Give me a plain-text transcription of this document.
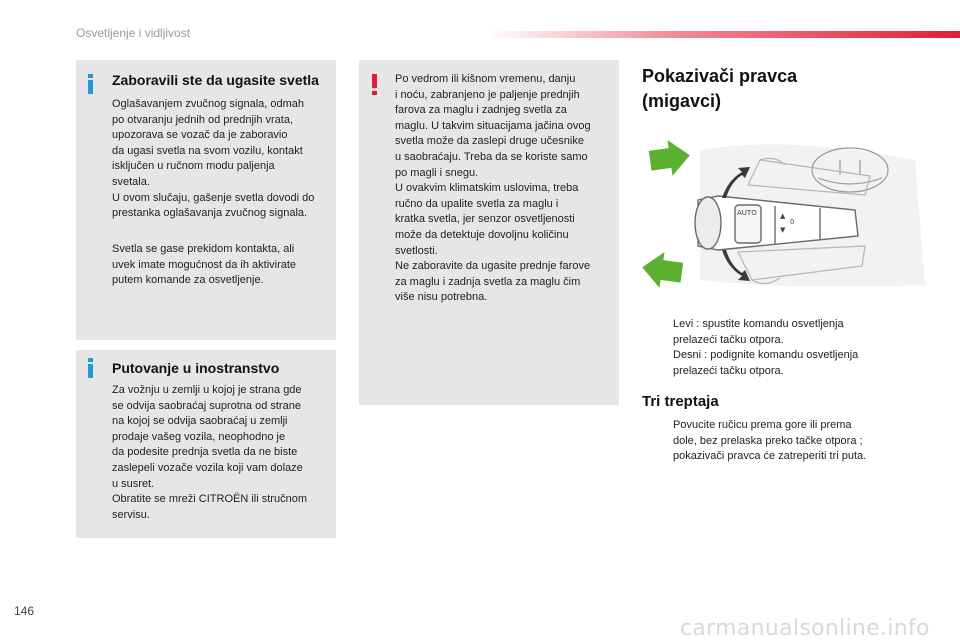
Osvetljenje i vidljivost
Zaboravili ste da ugasite svetla
Oglašavanjem zvučnog signala, odmah
po otvaranju jednih od prednjih vrata,
upozorava se vozač da je zaboravio
da ugasi svetla na svom vozilu, kontakt
isključen u ručnom modu paljenja
svetala.
U ovom slučaju, gašenje svetla dovodi do
prestanka oglašavanja zvučnog signala.
Svetla se gase prekidom kontakta, ali
uvek imate mogućnost da ih aktivirate
putem komande za osvetljenje.
Putovanje u inostranstvo
Za vožnju u zemlji u kojoj je strana gde
se odvija saobraćaj suprotna od strane
na kojoj se odvija saobraćaj u zemlji
prodaje vašeg vozila, neophodno je
da podesite prednja svetla da ne biste
zaslepeli vozače vozila koji vam dolaze
u susret.
Obratite se mreži CITROËN ili stručnom
servisu.
Po vedrom ili kišnom vremenu, danju
i noću, zabranjeno je paljenje prednjih
farova za maglu i zadnjeg svetla za
maglu. U takvim situacijama jačina ovog
svetla može da zaslepi druge učesnike
u saobraćaju. Treba da se koriste samo
po magli i snegu.
U ovakvim klimatskim uslovima, treba
ručno da upalite svetla za maglu i
kratka svetla, jer senzor osvetljenosti
može da detektuje dovoljnu količinu
svetlosti.
Ne zaboravite da ugasite prednje farove
za maglu i zadnja svetla za maglu čim
više nisu potrebna.
Pokazivači pravca
(migavci)
AUTO	▲
▼
0
Levi : spustite komandu osvetljenja
prelazeći tačku otpora.
Desni : podignite komandu osvetljenja
prelazeći tačku otpora.
Tri treptaja
Povucite ručicu prema gore ili prema
dole, bez prelaska preko tačke otpora ;
pokazivači pravca će zatreperiti tri puta.
146
carmanualsonline.info
